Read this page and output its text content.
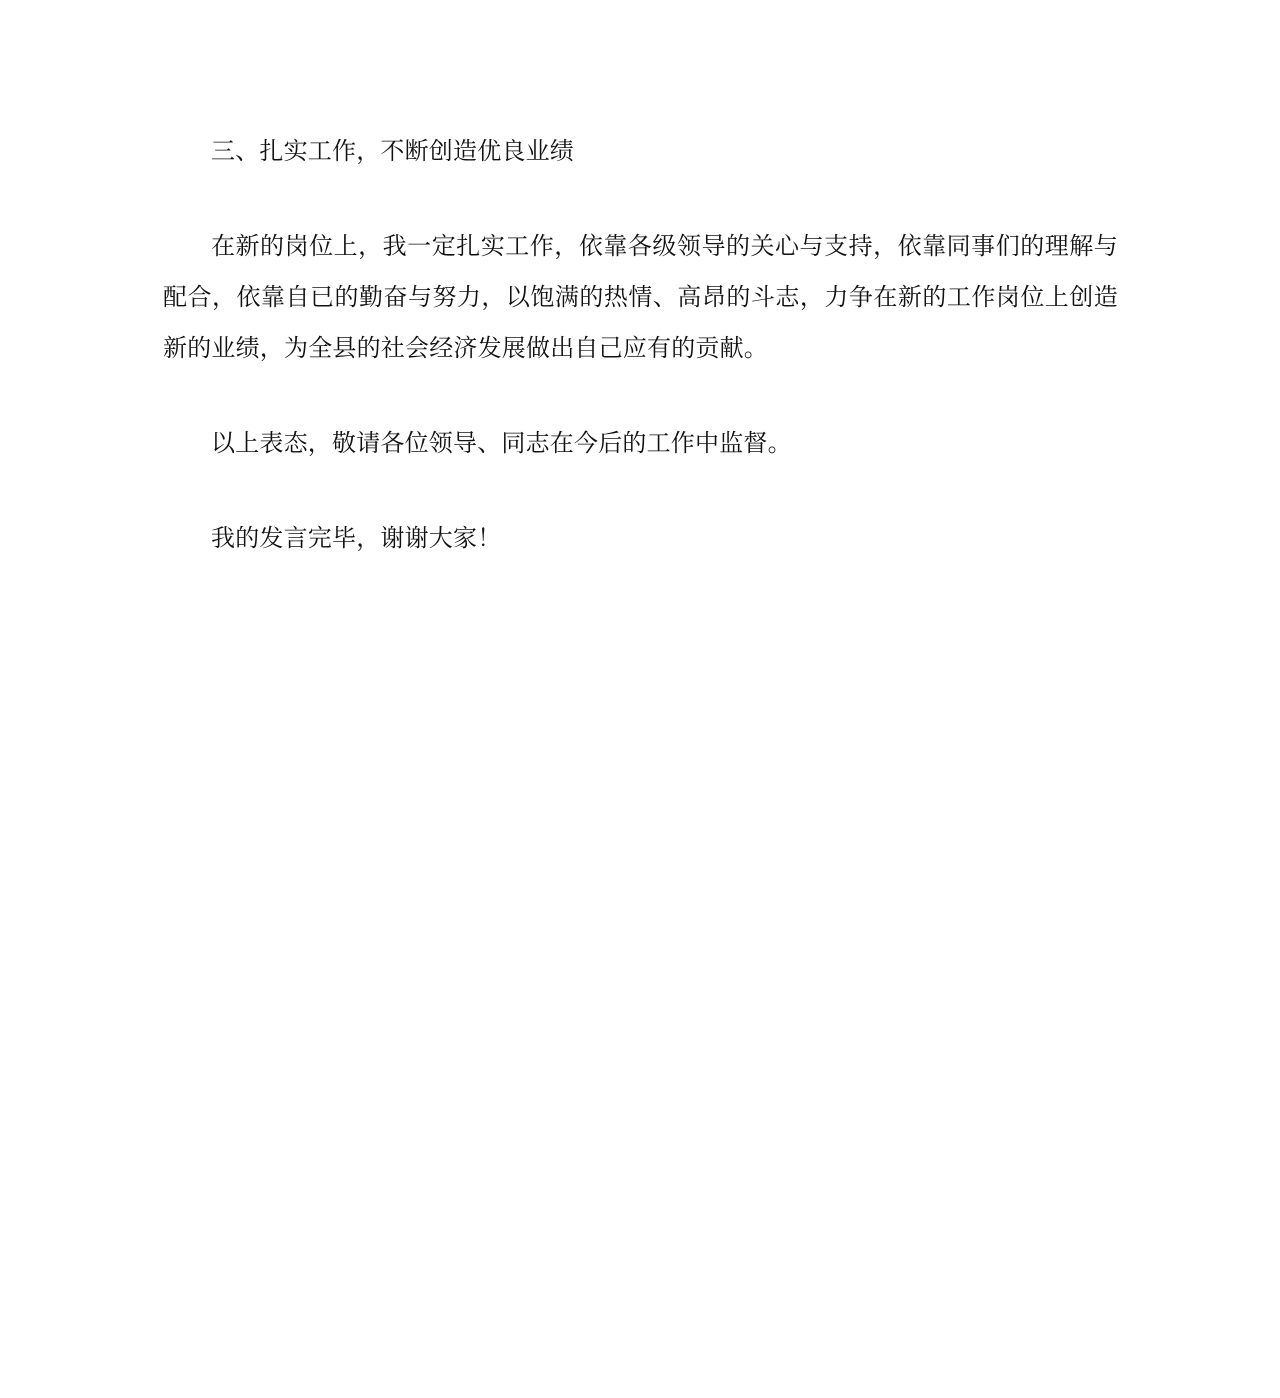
三、扎实工作，不断创造优良业绩

在新的岗位上，我一定扎实工作，依靠各级领导的关心与支持，依靠同事们的理解与配合，依靠自已的勤奋与努力，以饱满的热情、高昂的斗志，力争在新的工作岗位上创造新的业绩，为全县的社会经济发展做出自己应有的贡献。

以上表态，敬请各位领导、同志在今后的工作中监督。

我的发言完毕，谢谢大家！
